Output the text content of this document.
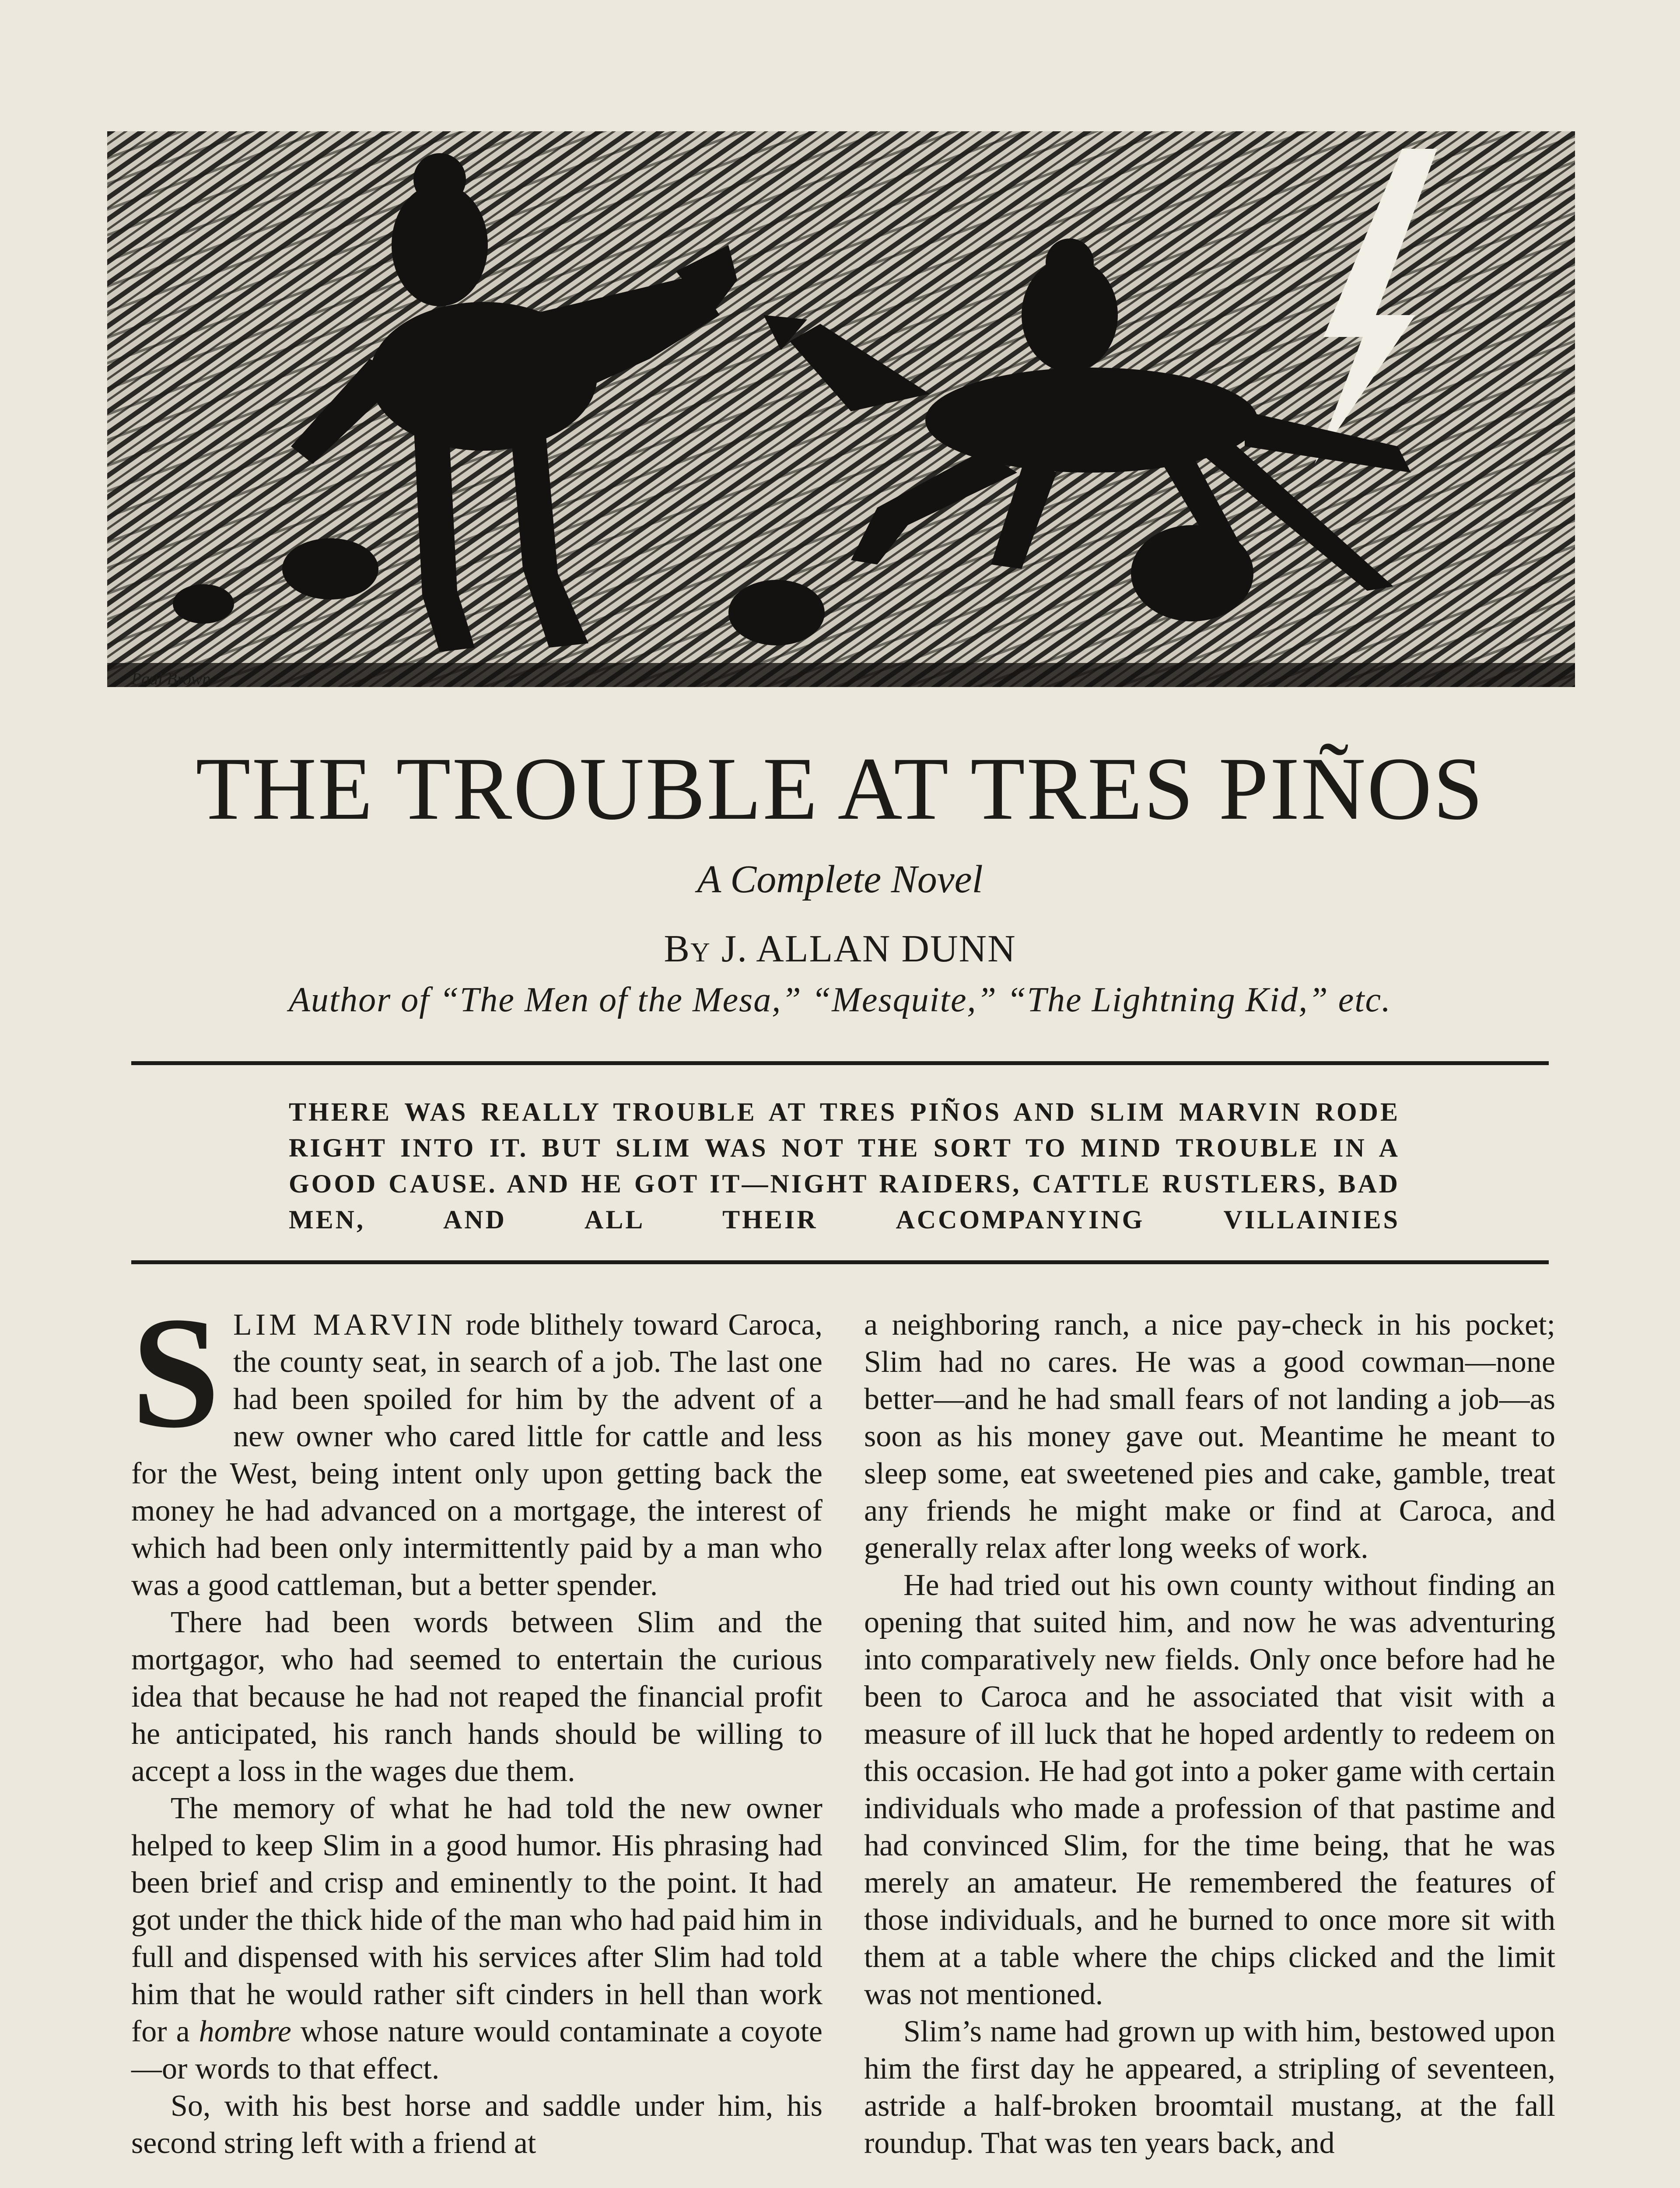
Paul Brown
THE TROUBLE AT TRES PIÑOS
A Complete Novel
By J. ALLAN DUNN
Author of “The Men of the Mesa,” “Mesquite,” “The Lightning Kid,” etc.
THERE WAS REALLY TROUBLE AT TRES PIÑOS AND SLIM MARVIN RODE RIGHT INTO IT. BUT SLIM WAS NOT THE SORT TO MIND TROUBLE IN A GOOD CAUSE. AND HE GOT IT—NIGHT RAIDERS, CATTLE RUSTLERS, BAD MEN, AND ALL THEIR ACCOMPANYING VILLAINIES

SLIM MARVIN rode blithely toward Caroca, the county seat, in search of a job. The last one had been spoiled for him by the advent of a new owner who cared little for cattle and less for the West, being intent only upon getting back the money he had advanced on a mortgage, the interest of which had been only intermittently paid by a man who was a good cattleman, but a better spender.

There had been words between Slim and the mortgagor, who had seemed to entertain the curious idea that because he had not reaped the financial profit he anticipated, his ranch hands should be willing to accept a loss in the wages due them.

The memory of what he had told the new owner helped to keep Slim in a good humor. His phrasing had been brief and crisp and eminently to the point. It had got under the thick hide of the man who had paid him in full and dispensed with his services after Slim had told him that he would rather sift cinders in hell than work for a hombre whose nature would contaminate a coyote—or words to that effect.

So, with his best horse and saddle under him, his second string left with a friend at

a neighboring ranch, a nice pay-check in his pocket; Slim had no cares. He was a good cowman—none better—and he had small fears of not landing a job—as soon as his money gave out. Meantime he meant to sleep some, eat sweetened pies and cake, gamble, treat any friends he might make or find at Caroca, and generally relax after long weeks of work.

He had tried out his own county without finding an opening that suited him, and now he was adventuring into comparatively new fields. Only once before had he been to Caroca and he associated that visit with a measure of ill luck that he hoped ardently to redeem on this occasion. He had got into a poker game with certain individuals who made a profession of that pastime and had convinced Slim, for the time being, that he was merely an amateur. He remembered the features of those individuals, and he burned to once more sit with them at a table where the chips clicked and the limit was not mentioned.

Slim’s name had grown up with him, bestowed upon him the first day he appeared, a stripling of seventeen, astride a half-broken broomtail mustang, at the fall roundup. That was ten years back, and
